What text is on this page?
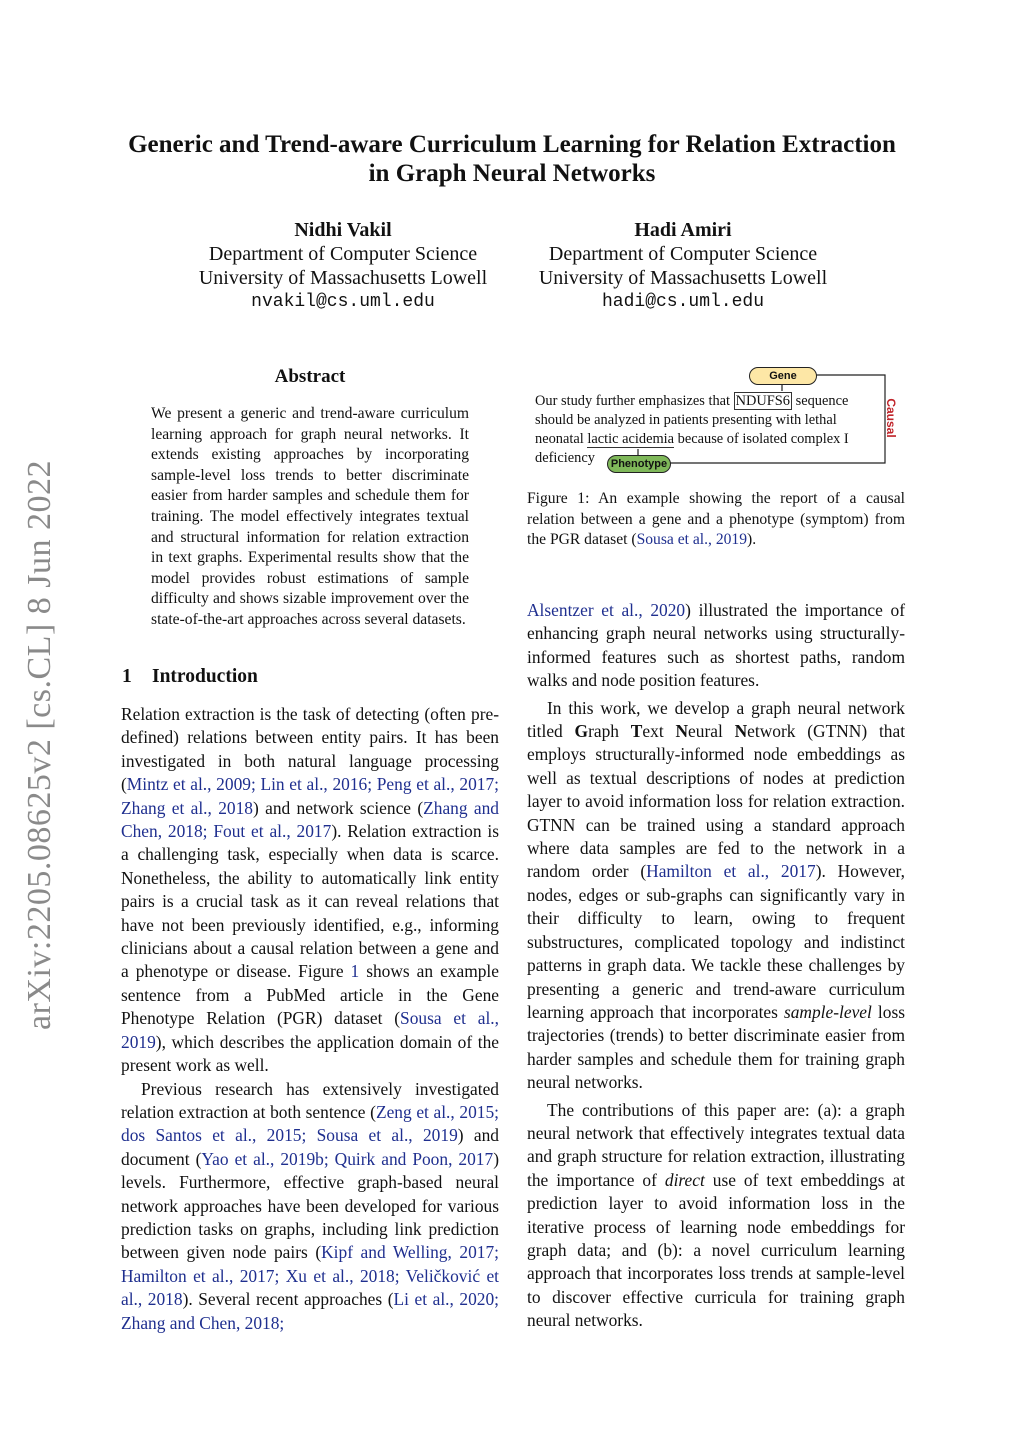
arXiv:2205.08625v2 [cs.CL] 8 Jun 2022
Generic and Trend-aware Curriculum Learning for Relation Extraction
in Graph Neural Networks
Nidhi Vakil
Department of Computer Science
University of Massachusetts Lowell
nvakil@cs.uml.edu
Hadi Amiri
Department of Computer Science
University of Massachusetts Lowell
hadi@cs.uml.edu
Abstract
We present a generic and trend-aware curriculum learning approach for graph neural networks. It extends existing approaches by incorporating sample-level loss trends to better discriminate easier from harder samples and schedule them for training. The model effectively integrates textual and structural information for relation extraction in text graphs. Experimental results show that the model provides robust estimations of sample difficulty and shows sizable improvement over the state-of-the-art approaches across several datasets.
1 Introduction

Relation extraction is the task of detecting (often pre-defined) relations between entity pairs. It has been investigated in both natural language processing (Mintz et al., 2009; Lin et al., 2016; Peng et al., 2017; Zhang et al., 2018) and network science (Zhang and Chen, 2018; Fout et al., 2017). Relation extraction is a challenging task, especially when data is scarce. Nonetheless, the ability to automatically link entity pairs is a crucial task as it can reveal relations that have not been previously identified, e.g., informing clinicians about a causal relation between a gene and a phenotype or disease. Figure 1 shows an example sentence from a PubMed article in the Gene Phenotype Relation (PGR) dataset (Sousa et al., 2019), which describes the application domain of the present work as well.

Previous research has extensively investigated relation extraction at both sentence (Zeng et al., 2015; dos Santos et al., 2015; Sousa et al., 2019) and document (Yao et al., 2019b; Quirk and Poon, 2017) levels. Furthermore, effective graph-based neural network approaches have been developed for various prediction tasks on graphs, including link prediction between given node pairs (Kipf and Welling, 2017; Hamilton et al., 2017; Xu et al., 2018; Veličković et al., 2018). Several recent approaches (Li et al., 2020; Zhang and Chen, 2018;

Our study further emphasizes that NDUFS6 sequence should be analyzed in patients presenting with lethal neonatal lactic acidemia because of isolated complex I deficiency
Gene
Phenotype
Causal
Figure 1: An example showing the report of a causal relation between a gene and a phenotype (symptom) from the PGR dataset (Sousa et al., 2019).

Alsentzer et al., 2020) illustrated the importance of enhancing graph neural networks using structurally-informed features such as shortest paths, random walks and node position features.

In this work, we develop a graph neural network titled Graph Text Neural Network (GTNN) that employs structurally-informed node embeddings as well as textual descriptions of nodes at prediction layer to avoid information loss for relation extraction. GTNN can be trained using a standard approach where data samples are fed to the network in a random order (Hamilton et al., 2017). However, nodes, edges or sub-graphs can significantly vary in their difficulty to learn, owing to frequent substructures, complicated topology and indistinct patterns in graph data. We tackle these challenges by presenting a generic and trend-aware curriculum learning approach that incorporates sample-level loss trajectories (trends) to better discriminate easier from harder samples and schedule them for training graph neural networks.

The contributions of this paper are: (a): a graph neural network that effectively integrates textual data and graph structure for relation extraction, illustrating the importance of direct use of text embeddings at prediction layer to avoid information loss in the iterative process of learning node embeddings for graph data; and (b): a novel curriculum learning approach that incorporates loss trends at sample-level to discover effective curricula for training graph neural networks.
